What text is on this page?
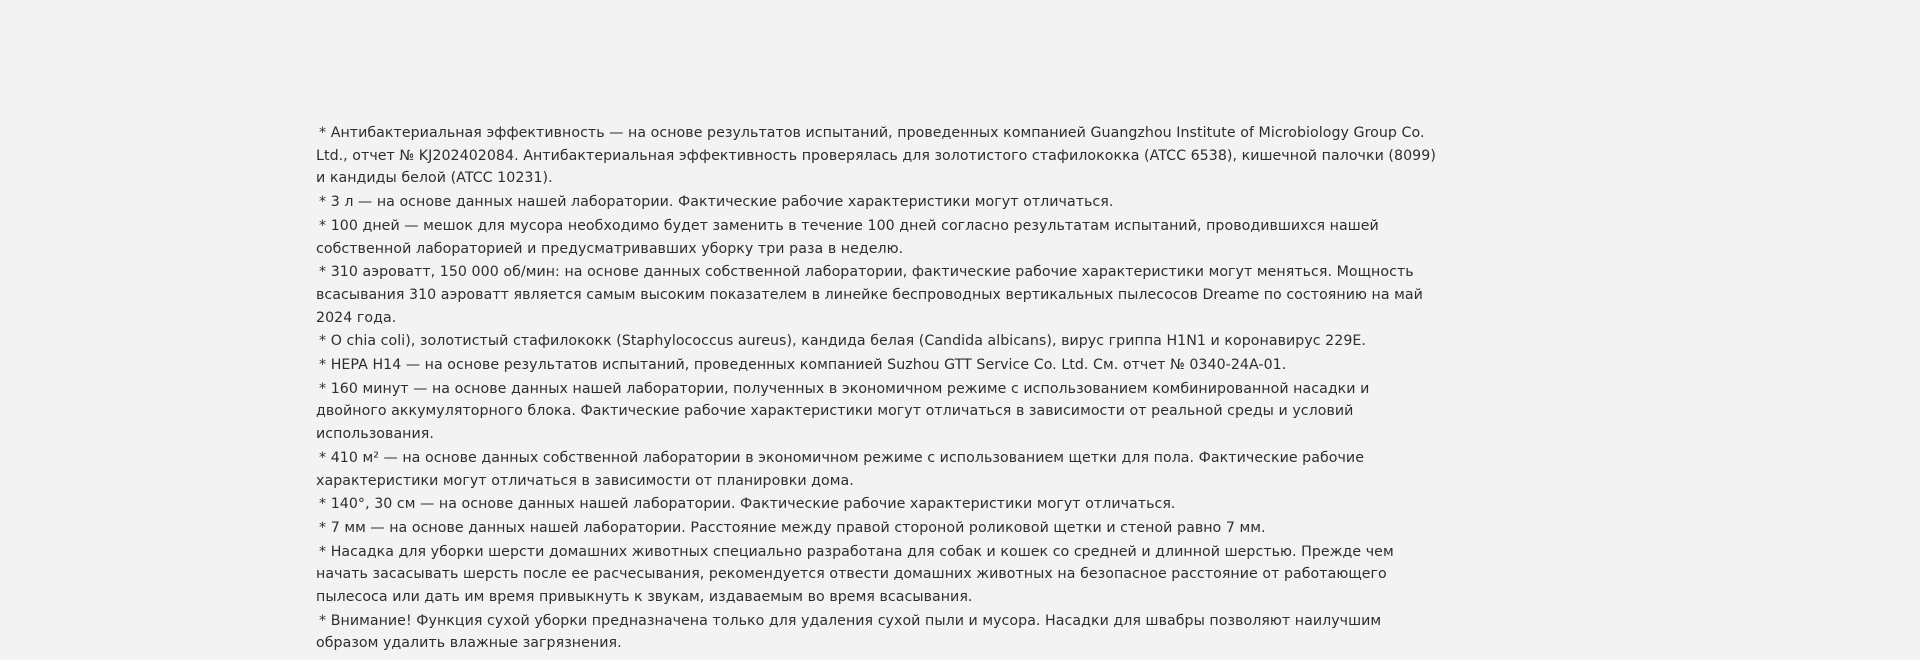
* Антибактериальная эффективность — на основе результатов испытаний, проведенных компанией Guangzhou Institute of Microbiology Group Co. Ltd., отчет № KJ202402084. Антибактериальная эффективность проверялась для золотистого стафилококка (ATCC 6538), кишечной палочки (8099) и кандиды белой (ATCC 10231).
* 3 л — на основе данных нашей лаборатории. Фактические рабочие характеристики могут отличаться.
* 100 дней — мешок для мусора необходимо будет заменить в течение 100 дней согласно результатам испытаний, проводившихся нашей собственной лабораторией и предусматривавших уборку три раза в неделю.
* 310 аэроватт, 150 000 об/мин: на основе данных собственной лаборатории, фактические рабочие характеристики могут меняться. Мощность всасывания 310 аэроватт является самым высоким показателем в линейке беспроводных вертикальных пылесосов Dreame по состоянию на май 2024 года.
* O chia coli), золотистый стафилококк (Staphylococcus aureus), кандида белая (Candida albicans), вирус гриппа H1N1 и коронавирус 229E.
* HEPA H14 — на основе результатов испытаний, проведенных компанией Suzhou GTT Service Co. Ltd. См. отчет № 0340-24A-01.
* 160 минут — на основе данных нашей лаборатории, полученных в экономичном режиме с использованием комбинированной насадки и двойного аккумуляторного блока. Фактические рабочие характеристики могут отличаться в зависимости от реальной среды и условий использования.
* 410 м² — на основе данных собственной лаборатории в экономичном режиме с использованием щетки для пола. Фактические рабочие характеристики могут отличаться в зависимости от планировки дома.
* 140°, 30 см — на основе данных нашей лаборатории. Фактические рабочие характеристики могут отличаться.
* 7 мм — на основе данных нашей лаборатории. Расстояние между правой стороной роликовой щетки и стеной равно 7 мм.
* Насадка для уборки шерсти домашних животных специально разработана для собак и кошек со средней и длинной шерстью. Прежде чем начать засасывать шерсть после ее расчесывания, рекомендуется отвести домашних животных на безопасное расстояние от работающего пылесоса или дать им время привыкнуть к звукам, издаваемым во время всасывания.
* Внимание! Функция сухой уборки предназначена только для удаления сухой пыли и мусора. Насадки для швабры позволяют наилучшим образом удалить влажные загрязнения.
